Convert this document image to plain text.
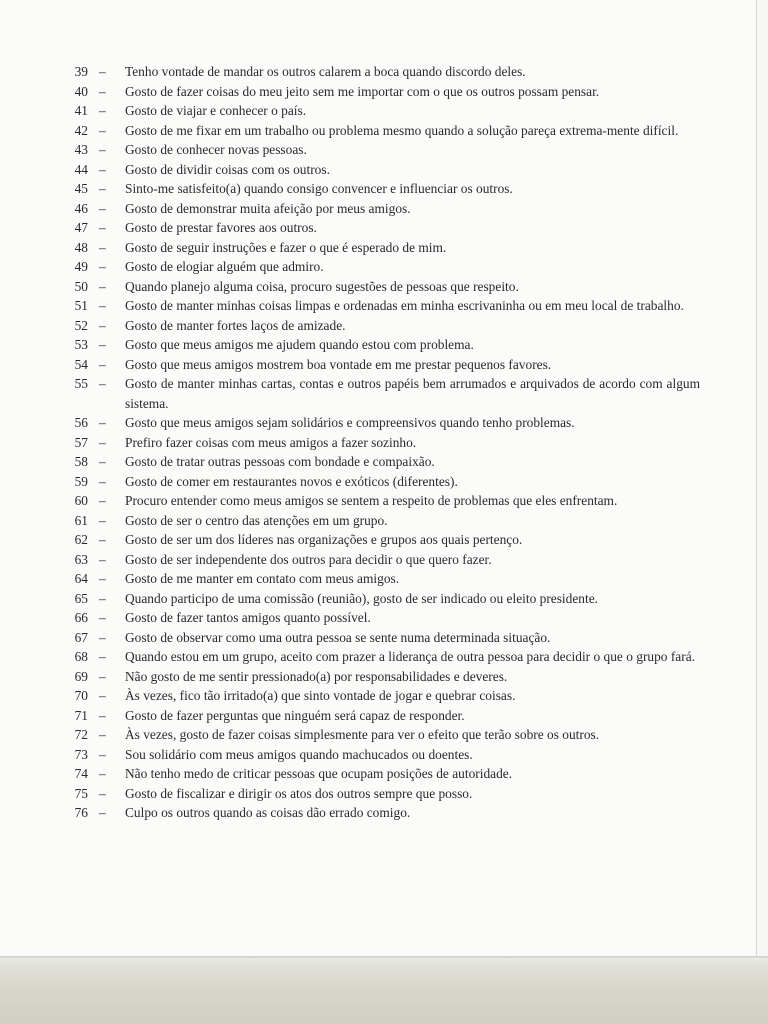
39 – Tenho vontade de mandar os outros calarem a boca quando discordo deles.
40 – Gosto de fazer coisas do meu jeito sem me importar com o que os outros possam pensar.
41 – Gosto de viajar e conhecer o país.
42 – Gosto de me fixar em um trabalho ou problema mesmo quando a solução pareça extrema-mente difícil.
43 – Gosto de conhecer novas pessoas.
44 – Gosto de dividir coisas com os outros.
45 – Sinto-me satisfeito(a) quando consigo convencer e influenciar os outros.
46 – Gosto de demonstrar muita afeição por meus amigos.
47 – Gosto de prestar favores aos outros.
48 – Gosto de seguir instruções e fazer o que é esperado de mim.
49 – Gosto de elogiar alguém que admiro.
50 – Quando planejo alguma coisa, procuro sugestões de pessoas que respeito.
51 – Gosto de manter minhas coisas limpas e ordenadas em minha escrivaninha ou em meu local de trabalho.
52 – Gosto de manter fortes laços de amizade.
53 – Gosto que meus amigos me ajudem quando estou com problema.
54 – Gosto que meus amigos mostrem boa vontade em me prestar pequenos favores.
55 – Gosto de manter minhas cartas, contas e outros papéis bem arrumados e arquivados de acordo com algum sistema.
56 – Gosto que meus amigos sejam solidários e compreensivos quando tenho problemas.
57 – Prefiro fazer coisas com meus amigos a fazer sozinho.
58 – Gosto de tratar outras pessoas com bondade e compaixão.
59 – Gosto de comer em restaurantes novos e exóticos (diferentes).
60 – Procuro entender como meus amigos se sentem a respeito de problemas que eles enfrentam.
61 – Gosto de ser o centro das atenções em um grupo.
62 – Gosto de ser um dos líderes nas organizações e grupos aos quais pertenço.
63 – Gosto de ser independente dos outros para decidir o que quero fazer.
64 – Gosto de me manter em contato com meus amigos.
65 – Quando participo de uma comissão (reunião), gosto de ser indicado ou eleito presidente.
66 – Gosto de fazer tantos amigos quanto possível.
67 – Gosto de observar como uma outra pessoa se sente numa determinada situação.
68 – Quando estou em um grupo, aceito com prazer a liderança de outra pessoa para decidir o que o grupo fará.
69 – Não gosto de me sentir pressionado(a) por responsabilidades e deveres.
70 – Às vezes, fico tão irritado(a) que sinto vontade de jogar e quebrar coisas.
71 – Gosto de fazer perguntas que ninguém será capaz de responder.
72 – Às vezes, gosto de fazer coisas simplesmente para ver o efeito que terão sobre os outros.
73 – Sou solidário com meus amigos quando machucados ou doentes.
74 – Não tenho medo de criticar pessoas que ocupam posições de autoridade.
75 – Gosto de fiscalizar e dirigir os atos dos outros sempre que posso.
76 – Culpo os outros quando as coisas dão errado comigo.
